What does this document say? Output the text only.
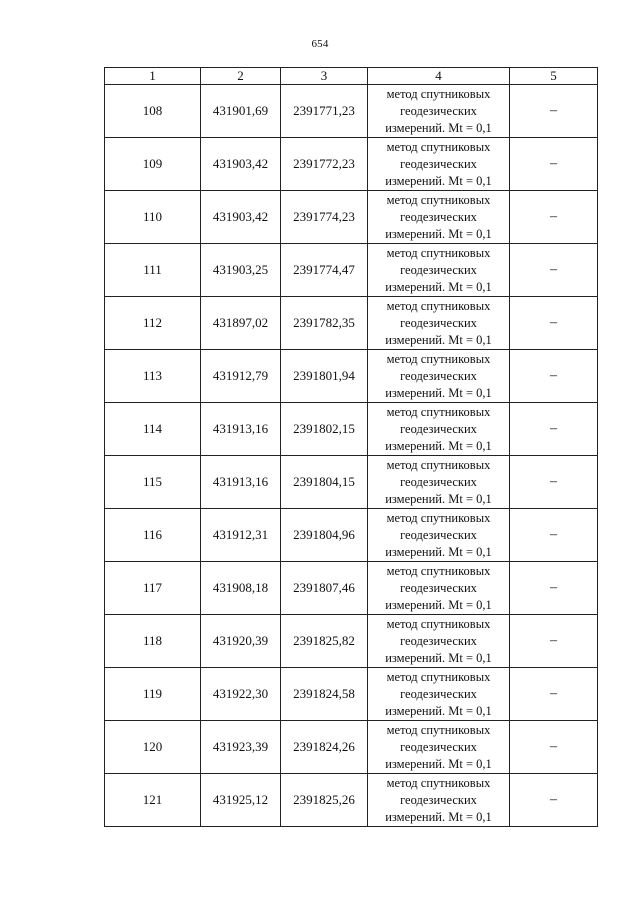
654
1	2	3	4	5
108	431901,69	2391771,23	метод спутниковых
геодезических
измерений. Mt = 0,1	–
109	431903,42	2391772,23	метод спутниковых
геодезических
измерений. Mt = 0,1	–
110	431903,42	2391774,23	метод спутниковых
геодезических
измерений. Mt = 0,1	–
111	431903,25	2391774,47	метод спутниковых
геодезических
измерений. Mt = 0,1	–
112	431897,02	2391782,35	метод спутниковых
геодезических
измерений. Mt = 0,1	–
113	431912,79	2391801,94	метод спутниковых
геодезических
измерений. Mt = 0,1	–
114	431913,16	2391802,15	метод спутниковых
геодезических
измерений. Mt = 0,1	–
115	431913,16	2391804,15	метод спутниковых
геодезических
измерений. Mt = 0,1	–
116	431912,31	2391804,96	метод спутниковых
геодезических
измерений. Mt = 0,1	–
117	431908,18	2391807,46	метод спутниковых
геодезических
измерений. Mt = 0,1	–
118	431920,39	2391825,82	метод спутниковых
геодезических
измерений. Mt = 0,1	–
119	431922,30	2391824,58	метод спутниковых
геодезических
измерений. Mt = 0,1	–
120	431923,39	2391824,26	метод спутниковых
геодезических
измерений. Mt = 0,1	–
121	431925,12	2391825,26	метод спутниковых
геодезических
измерений. Mt = 0,1	–
